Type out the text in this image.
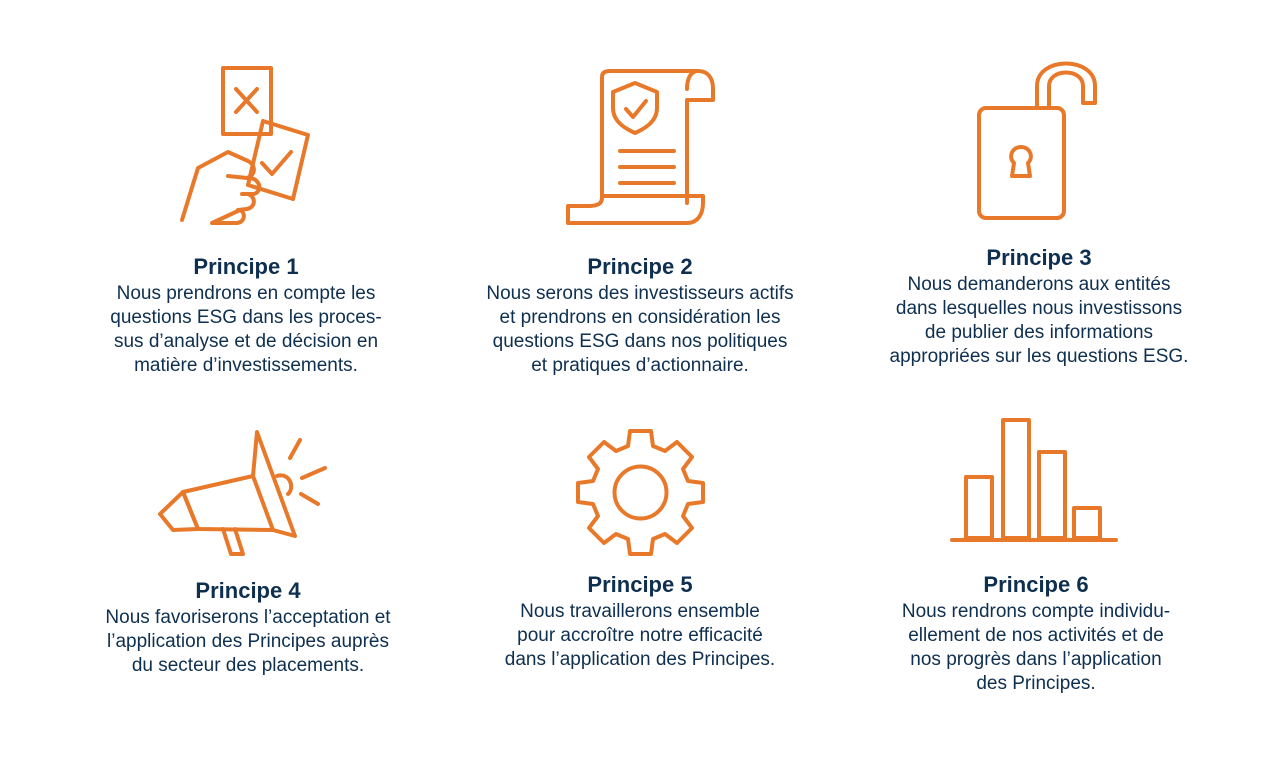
Principe 1
Nous prendrons en compte les
questions ESG dans les proces-
sus d’analyse et de décision en
matière d’investissements.
Principe 2
Nous serons des investisseurs actifs
et prendrons en considération les
questions ESG dans nos politiques
et pratiques d’actionnaire.
Principe 3
Nous demanderons aux entités
dans lesquelles nous investissons
de publier des informations
appropriées sur les questions ESG.
Principe 4
Nous favoriserons l’acceptation et
l’application des Principes auprès
du secteur des placements.
Principe 5
Nous travaillerons ensemble
pour accroître notre efficacité
dans l’application des Principes.
Principe 6
Nous rendrons compte individu-
ellement de nos activités et de
nos progrès dans l’application
des Principes.
